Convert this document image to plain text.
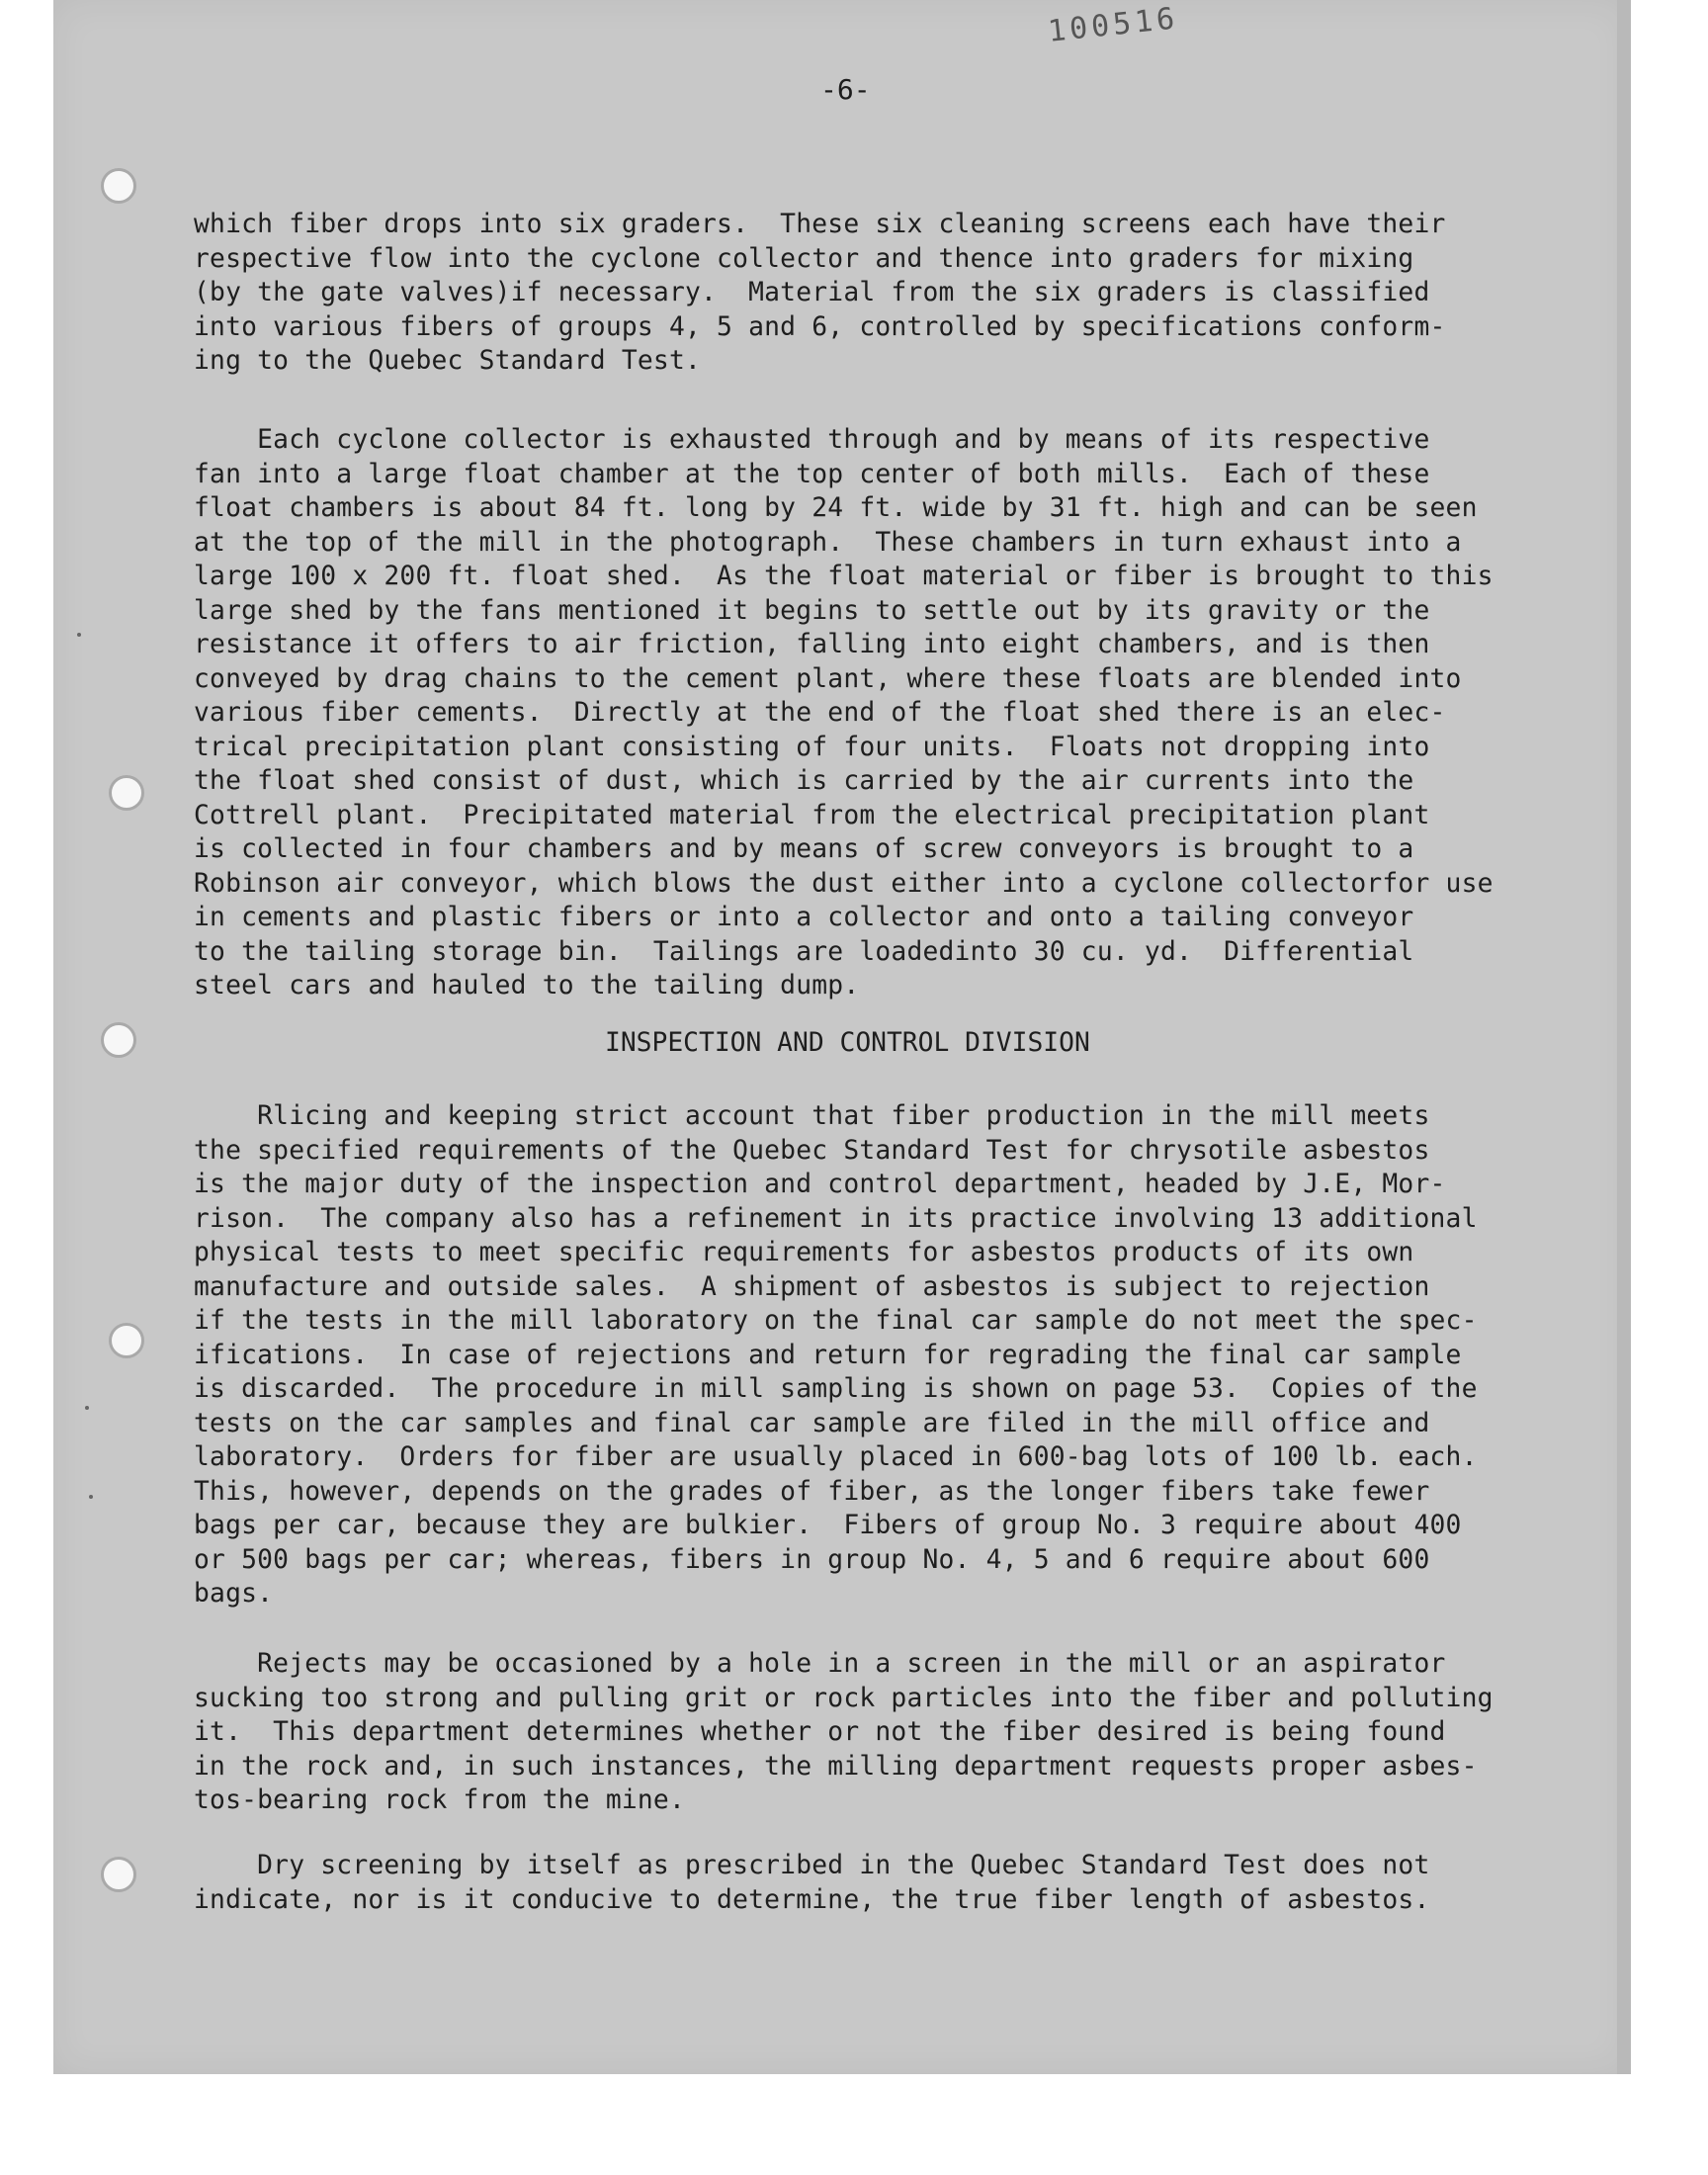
100516
-6-
which fiber drops into six graders.  These six cleaning screens each have their
respective flow into the cyclone collector and thence into graders for mixing
(by the gate valves)if necessary.  Material from the six graders is classified
into various fibers of groups 4, 5 and 6, controlled by specifications conform-
ing to the Quebec Standard Test.
Each cyclone collector is exhausted through and by means of its respective
fan into a large float chamber at the top center of both mills.  Each of these
float chambers is about 84 ft. long by 24 ft. wide by 31 ft. high and can be seen
at the top of the mill in the photograph.  These chambers in turn exhaust into a
large 100 x 200 ft. float shed.  As the float material or fiber is brought to this
large shed by the fans mentioned it begins to settle out by its gravity or the
resistance it offers to air friction, falling into eight chambers, and is then
conveyed by drag chains to the cement plant, where these floats are blended into
various fiber cements.  Directly at the end of the float shed there is an elec-
trical precipitation plant consisting of four units.  Floats not dropping into
the float shed consist of dust, which is carried by the air currents into the
Cottrell plant.  Precipitated material from the electrical precipitation plant
is collected in four chambers and by means of screw conveyors is brought to a
Robinson air conveyor, which blows the dust either into a cyclone collectorfor use
in cements and plastic fibers or into a collector and onto a tailing conveyor
to the tailing storage bin.  Tailings are loadedinto 30 cu. yd.  Differential
steel cars and hauled to the tailing dump.
INSPECTION AND CONTROL DIVISION
Rlicing and keeping strict account that fiber production in the mill meets
the specified requirements of the Quebec Standard Test for chrysotile asbestos
is the major duty of the inspection and control department, headed by J.E, Mor-
rison.  The company also has a refinement in its practice involving 13 additional
physical tests to meet specific requirements for asbestos products of its own
manufacture and outside sales.  A shipment of asbestos is subject to rejection
if the tests in the mill laboratory on the final car sample do not meet the spec-
ifications.  In case of rejections and return for regrading the final car sample
is discarded.  The procedure in mill sampling is shown on page 53.  Copies of the
tests on the car samples and final car sample are filed in the mill office and
laboratory.  Orders for fiber are usually placed in 600-bag lots of 100 lb. each.
This, however, depends on the grades of fiber, as the longer fibers take fewer
bags per car, because they are bulkier.  Fibers of group No. 3 require about 400
or 500 bags per car; whereas, fibers in group No. 4, 5 and 6 require about 600
bags.
Rejects may be occasioned by a hole in a screen in the mill or an aspirator
sucking too strong and pulling grit or rock particles into the fiber and polluting
it.  This department determines whether or not the fiber desired is being found
in the rock and, in such instances, the milling department requests proper asbes-
tos-bearing rock from the mine.
Dry screening by itself as prescribed in the Quebec Standard Test does not
indicate, nor is it conducive to determine, the true fiber length of asbestos.
